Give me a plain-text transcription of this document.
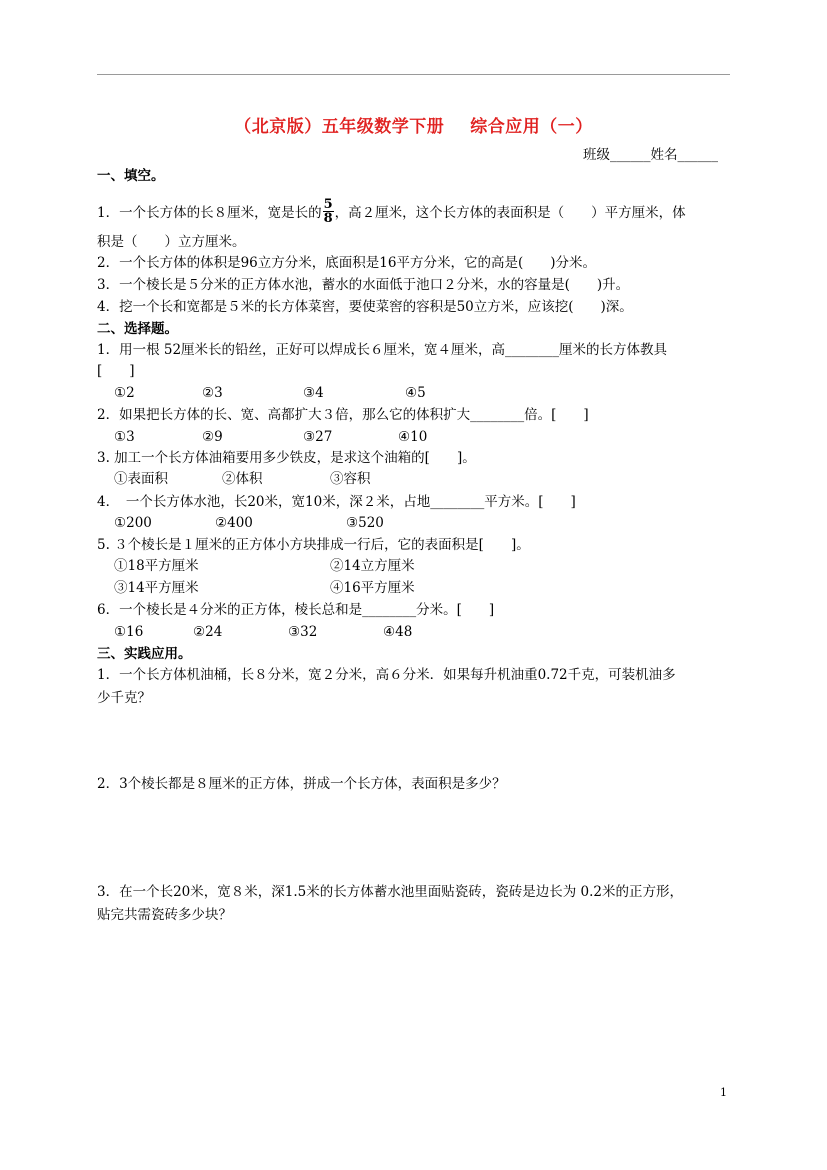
（北京版）五年级数学下册 综合应用（一）
班级______姓名______
一、填空。
1．一个长方体的长８厘米，宽是长的 $\frac{5}{8}$ ，高２厘米，这个长方体的表面积是（　　）平方厘米，体
积是（　　）立方厘米。
2．一个长方体的体积是96立方分米，底面积是16平方分米，它的高是(　　)分米。
3．一个棱长是５分米的正方体水池，蓄水的水面低于池口２分米，水的容量是(　　)升。
4．挖一个长和宽都是５米的长方体菜窖，要使菜窖的容积是50立方米，应该挖(　　)深。
二、选择题。
1．用一根 52厘米长的铅丝，正好可以焊成长６厘米，宽４厘米，高________厘米的长方体教具
[　　]
①2	②3	③4	④5
2．如果把长方体的长、宽、高都扩大３倍，那么它的体积扩大________倍。[　　]
①3	②9	③27	④10
3. 加工一个长方体油箱要用多少铁皮，是求这个油箱的[　　]。
①表面积	②体积	③容积
4．　一个长方体水池，长20米，宽10米，深２米，占地________平方米。[　　]
①200	②400	③520
5. ３个棱长是１厘米的正方体小方块排成一行后，它的表面积是[　　]。
①18平方厘米	②14立方厘米
③14平方厘米	④16平方厘米
6．一个棱长是４分米的正方体，棱长总和是________分米。[　　]
①16	②24	③32	④48
三、实践应用。
1．一个长方体机油桶，长８分米，宽２分米，高６分米．如果每升机油重0.72千克，可装机油多
少千克？
2．3个棱长都是８厘米的正方体，拼成一个长方体，表面积是多少？
3．在一个长20米，宽８米，深1.5米的长方体蓄水池里面贴瓷砖，瓷砖是边长为 0.2米的正方形，
贴完共需瓷砖多少块？
1
